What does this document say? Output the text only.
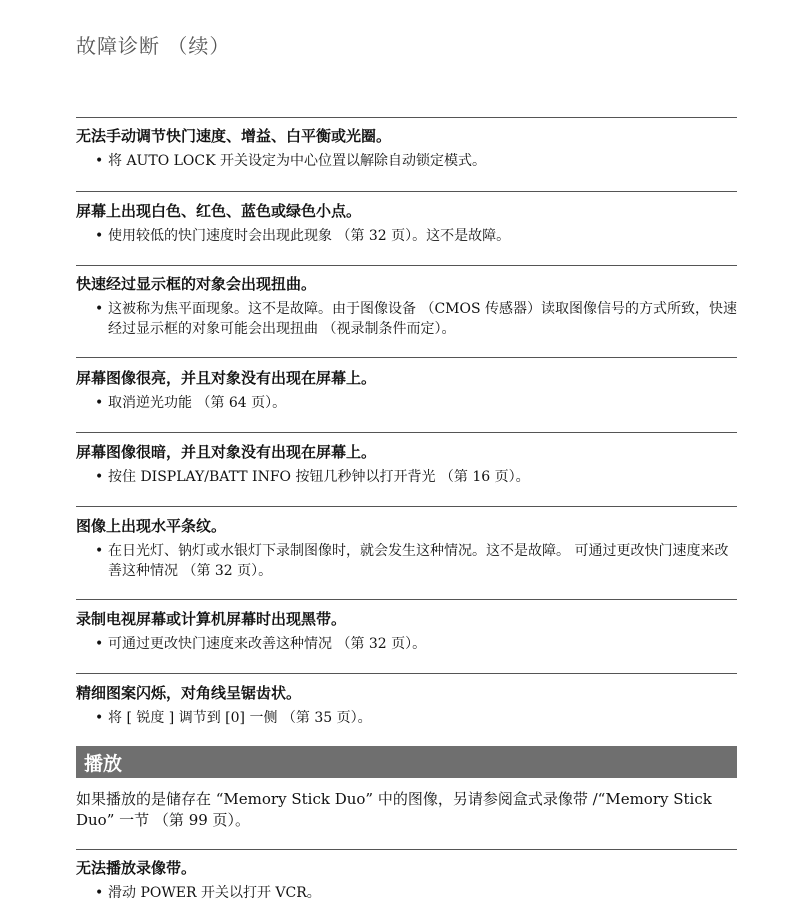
故障诊断 （续）
无法手动调节快门速度、增益、白平衡或光圈。
• 将 AUTO LOCK 开关设定为中心位置以解除自动锁定模式。
屏幕上出现白色、红色、蓝色或绿色小点。
• 使用较低的快门速度时会出现此现象 （第 32 页）。这不是故障。
快速经过显示框的对象会出现扭曲。
• 这被称为焦平面现象。这不是故障。由于图像设备 （CMOS 传感器）读取图像信号的方式所致，快速经过显示框的对象可能会出现扭曲 （视录制条件而定）。
屏幕图像很亮，并且对象没有出现在屏幕上。
• 取消逆光功能 （第 64 页）。
屏幕图像很暗，并且对象没有出现在屏幕上。
• 按住 DISPLAY/BATT INFO 按钮几秒钟以打开背光 （第 16 页）。
图像上出现水平条纹。
• 在日光灯、钠灯或水银灯下录制图像时，就会发生这种情况。这不是故障。 可通过更改快门速度来改善这种情况 （第 32 页）。
录制电视屏幕或计算机屏幕时出现黑带。
• 可通过更改快门速度来改善这种情况 （第 32 页）。
精细图案闪烁，对角线呈锯齿状。
• 将 [ 锐度 ] 调节到 [0] 一侧 （第 35 页）。
播放
如果播放的是储存在 “Memory Stick Duo” 中的图像，另请参阅盒式录像带 /“Memory Stick Duo” 一节 （第 99 页）。
无法播放录像带。
• 滑动 POWER 开关以打开 VCR。
